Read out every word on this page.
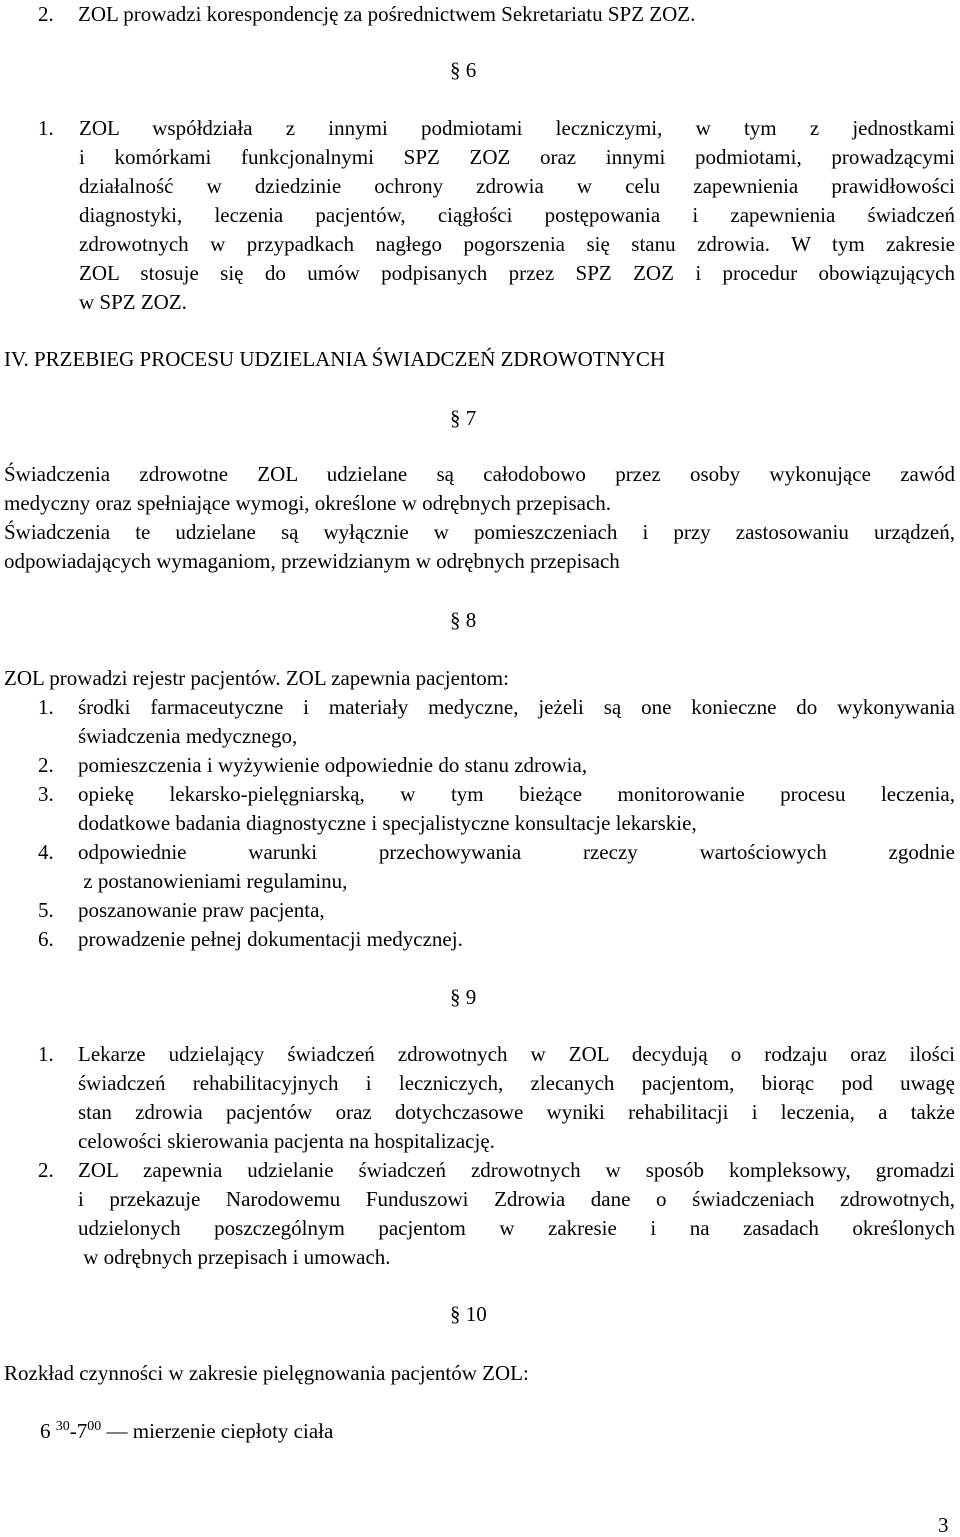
2. ZOL prowadzi korespondencję za pośrednictwem Sekretariatu SPZ ZOZ.
§ 6
1. ZOL współdziała z innymi podmiotami leczniczymi, w tym z jednostkami
i komórkami funkcjonalnymi SPZ ZOZ oraz innymi podmiotami, prowadzącymi
działalność w dziedzinie ochrony zdrowia w celu zapewnienia prawidłowości
diagnostyki, leczenia pacjentów, ciągłości postępowania i zapewnienia świadczeń
zdrowotnych w przypadkach nagłego pogorszenia się stanu zdrowia. W tym zakresie
ZOL stosuje się do umów podpisanych przez SPZ ZOZ i procedur obowiązujących
w SPZ ZOZ.
IV. PRZEBIEG PROCESU UDZIELANIA ŚWIADCZEŃ ZDROWOTNYCH
§ 7
Świadczenia zdrowotne ZOL udzielane są całodobowo przez osoby wykonujące zawód
medyczny oraz spełniające wymogi, określone w odrębnych przepisach.
Świadczenia te udzielane są wyłącznie w pomieszczeniach i przy zastosowaniu urządzeń,
odpowiadających wymaganiom, przewidzianym w odrębnych przepisach
§ 8
ZOL prowadzi rejestr pacjentów. ZOL zapewnia pacjentom:
1. środki farmaceutyczne i materiały medyczne, jeżeli są one konieczne do wykonywania
świadczenia medycznego,
2. pomieszczenia i wyżywienie odpowiednie do stanu zdrowia,
3. opiekę lekarsko-pielęgniarską, w tym bieżące monitorowanie procesu leczenia,
dodatkowe badania diagnostyczne i specjalistyczne konsultacje lekarskie,
4. odpowiednie warunki przechowywania rzeczy wartościowych zgodnie
z postanowieniami regulaminu,
5. poszanowanie praw pacjenta,
6. prowadzenie pełnej dokumentacji medycznej.
§ 9
1. Lekarze udzielający świadczeń zdrowotnych w ZOL decydują o rodzaju oraz ilości
świadczeń rehabilitacyjnych i leczniczych, zlecanych pacjentom, biorąc pod uwagę
stan zdrowia pacjentów oraz dotychczasowe wyniki rehabilitacji i leczenia, a także
celowości skierowania pacjenta na hospitalizację.
2. ZOL zapewnia udzielanie świadczeń zdrowotnych w sposób kompleksowy, gromadzi
i przekazuje Narodowemu Funduszowi Zdrowia dane o świadczeniach zdrowotnych,
udzielonych poszczególnym pacjentom w zakresie i na zasadach określonych
w odrębnych przepisach i umowach.
§ 10
Rozkład czynności w zakresie pielęgnowania pacjentów ZOL:
6 $^{30}-7^{00}$ — mierzenie ciepłoty ciała
3
